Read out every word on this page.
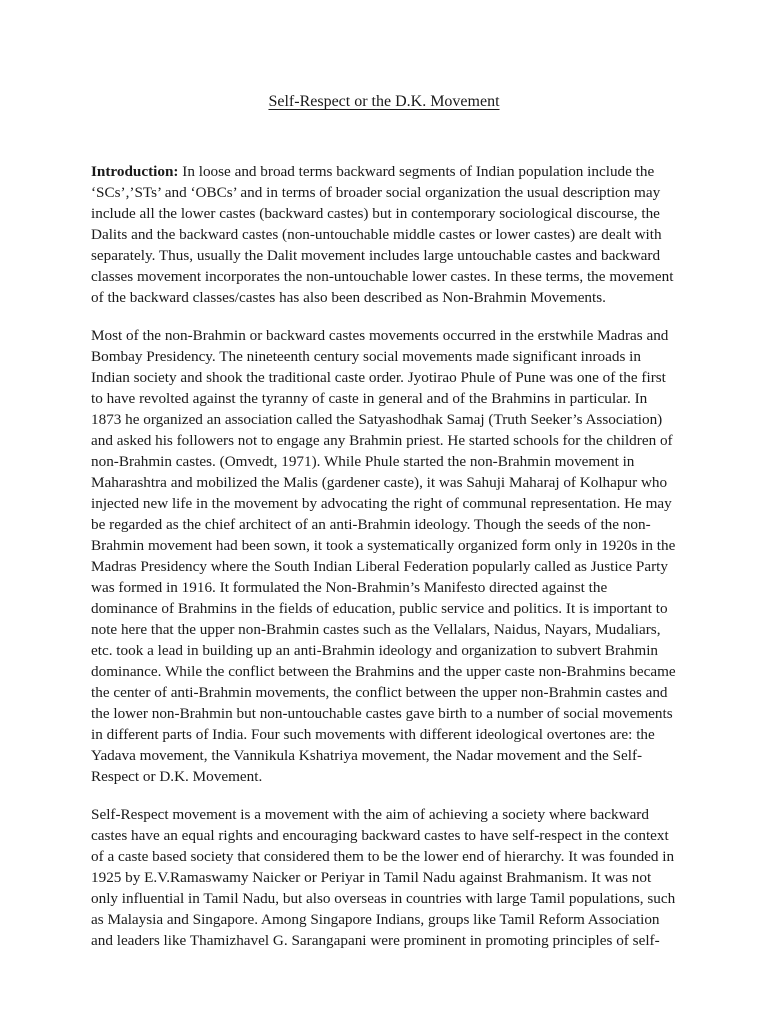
Self-Respect or the D.K. Movement

Introduction: In loose and broad terms backward segments of Indian population include the ‘SCs’,’STs’ and ‘OBCs’ and in terms of broader social organization the usual description may include all the lower castes (backward castes) but in contemporary sociological discourse, the Dalits and the backward castes (non-untouchable middle castes or lower castes) are dealt with separately. Thus, usually the Dalit movement includes large untouchable castes and backward classes movement incorporates the non-untouchable lower castes. In these terms, the movement of the backward classes/castes has also been described as Non-Brahmin Movements.

Most of the non-Brahmin or backward castes movements occurred in the erstwhile Madras and Bombay Presidency. The nineteenth century social movements made significant inroads in Indian society and shook the traditional caste order. Jyotirao Phule of Pune was one of the first to have revolted against the tyranny of caste in general and of the Brahmins in particular. In 1873 he organized an association called the Satyashodhak Samaj (Truth Seeker’s Association) and asked his followers not to engage any Brahmin priest. He started schools for the children of non-Brahmin castes. (Omvedt, 1971). While Phule started the non-Brahmin movement in Maharashtra and mobilized the Malis (gardener caste), it was Sahuji Maharaj of Kolhapur who injected new life in the movement by advocating the right of communal representation. He may be regarded as the chief architect of an anti-Brahmin ideology. Though the seeds of the non-Brahmin movement had been sown, it took a systematically organized form only in 1920s in the Madras Presidency where the South Indian Liberal Federation popularly called as Justice Party was formed in 1916. It formulated the Non-Brahmin’s Manifesto directed against the dominance of Brahmins in the fields of education, public service and politics. It is important to note here that the upper non-Brahmin castes such as the Vellalars, Naidus, Nayars, Mudaliars, etc. took a lead in building up an anti-Brahmin ideology and organization to subvert Brahmin dominance. While the conflict between the Brahmins and the upper caste non-Brahmins became the center of anti-Brahmin movements, the conflict between the upper non-Brahmin castes and the lower non-Brahmin but non-untouchable castes gave birth to a number of social movements in different parts of India. Four such movements with different ideological overtones are: the Yadava movement, the Vannikula Kshatriya movement, the Nadar movement and the Self-Respect or D.K. Movement.

Self-Respect movement is a movement with the aim of achieving a society where backward castes have an equal rights and encouraging backward castes to have self-respect in the context of a caste based society that considered them to be the lower end of hierarchy. It was founded in 1925 by E.V.Ramaswamy Naicker or Periyar in Tamil Nadu against Brahmanism. It was not only influential in Tamil Nadu, but also overseas in countries with large Tamil populations, such as Malaysia and Singapore. Among Singapore Indians, groups like Tamil Reform Association and leaders like Thamizhavel G. Sarangapani were prominent in promoting principles of self-
